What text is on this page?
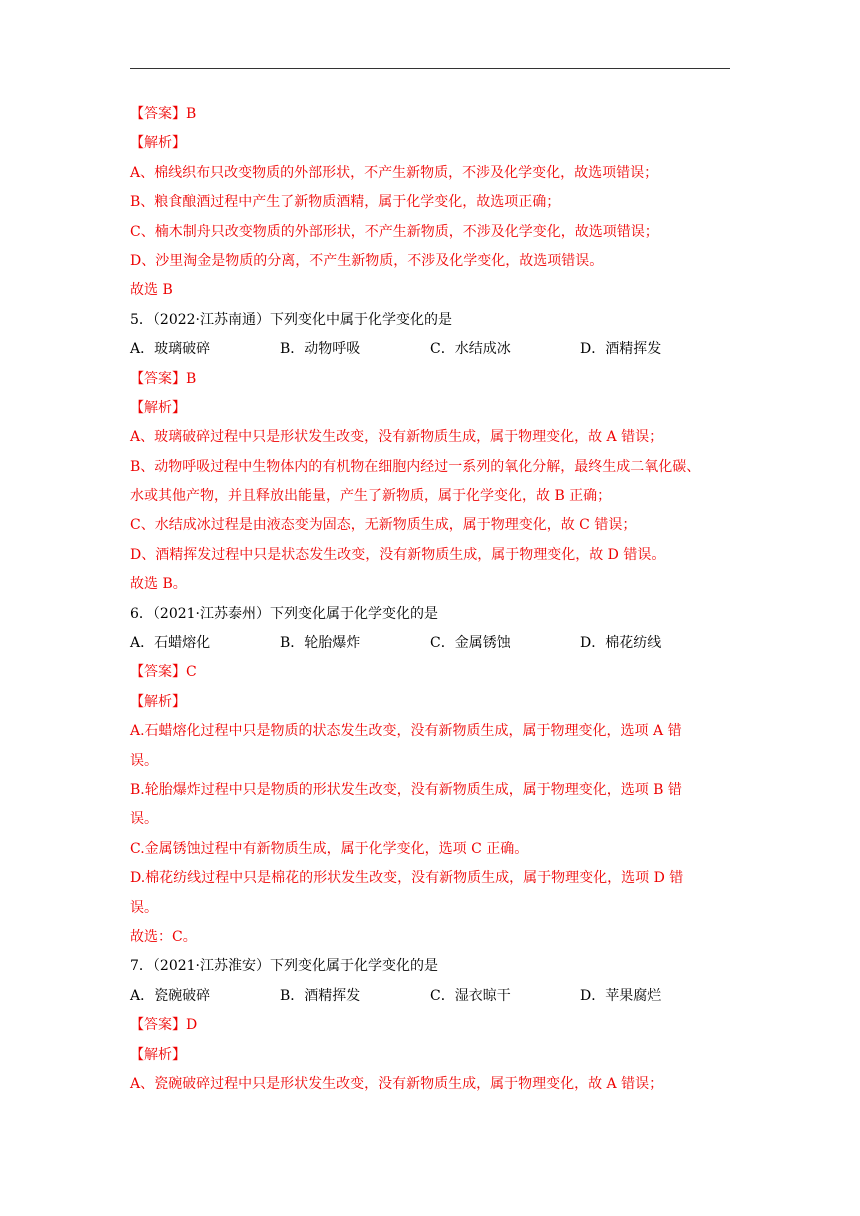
【答案】B
【解析】
A、棉线织布只改变物质的外部形状，不产生新物质，不涉及化学变化，故选项错误；
B、粮食酿酒过程中产生了新物质酒精，属于化学变化，故选项正确；
C、楠木制舟只改变物质的外部形状，不产生新物质，不涉及化学变化，故选项错误；
D、沙里淘金是物质的分离，不产生新物质，不涉及化学变化，故选项错误。
故选 B
5．（2022·江苏南通）下列变化中属于化学变化的是
A．玻璃破碎	B．动物呼吸	C．水结成冰	D．酒精挥发
【答案】B
【解析】
A、玻璃破碎过程中只是形状发生改变，没有新物质生成，属于物理变化，故 A 错误；
B、动物呼吸过程中生物体内的有机物在细胞内经过一系列的氧化分解，最终生成二氧化碳、
水或其他产物，并且释放出能量，产生了新物质，属于化学变化，故 B 正确；
C、水结成冰过程是由液态变为固态，无新物质生成，属于物理变化，故 C 错误；
D、酒精挥发过程中只是状态发生改变，没有新物质生成，属于物理变化，故 D 错误。
故选 B。
6．（2021·江苏泰州）下列变化属于化学变化的是
A．石蜡熔化	B．轮胎爆炸	C．金属锈蚀	D．棉花纺线
【答案】C
【解析】
A.石蜡熔化过程中只是物质的状态发生改变，没有新物质生成，属于物理变化，选项 A 错
误。
B.轮胎爆炸过程中只是物质的形状发生改变，没有新物质生成，属于物理变化，选项 B 错
误。
C.金属锈蚀过程中有新物质生成，属于化学变化，选项 C 正确。
D.棉花纺线过程中只是棉花的形状发生改变，没有新物质生成，属于物理变化，选项 D 错
误。
故选：C。
7．（2021·江苏淮安）下列变化属于化学变化的是
A．瓷碗破碎	B．酒精挥发	C．湿衣晾干	D．苹果腐烂
【答案】D
【解析】
A、瓷碗破碎过程中只是形状发生改变，没有新物质生成，属于物理变化，故 A 错误；
